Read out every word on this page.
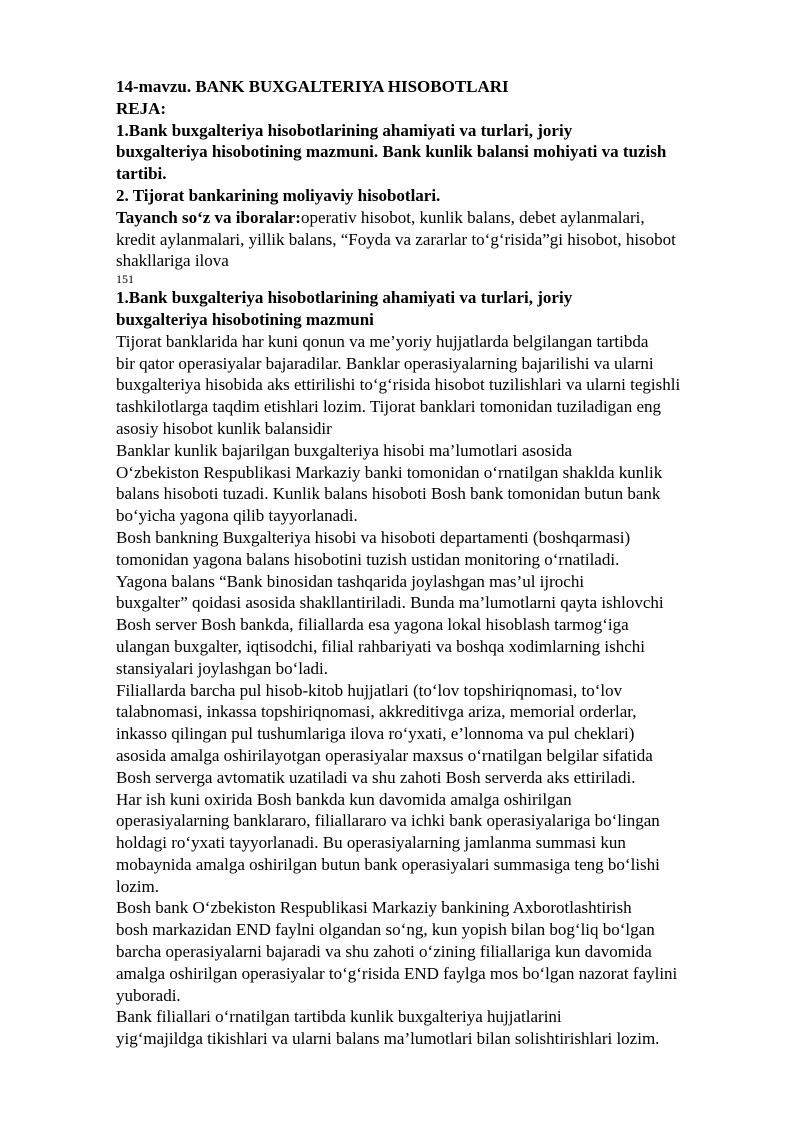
14-mavzu. BANK BUXGALTERIYA HISOBOTLARI
REJA:
1.Bank buxgalteriya hisobotlarining ahamiyati va turlari, joriy
buxgalteriya hisobotining mazmuni. Bank kunlik balansi mohiyati va tuzish
tartibi.
2. Tijorat bankarining moliyaviy hisobotlari.
Tayanch so‘z va iboralar:operativ hisobot, kunlik balans, debet aylanmalari,
kredit aylanmalari, yillik balans, “Foyda va zararlar to‘g‘risida”gi hisobot, hisobot
shakllariga ilova
151
1.Bank buxgalteriya hisobotlarining ahamiyati va turlari, joriy
buxgalteriya hisobotining mazmuni
Tijorat banklarida har kuni qonun va me’yoriy hujjatlarda belgilangan tartibda
bir qator operasiyalar bajaradilar. Banklar operasiyalarning bajarilishi va ularni
buxgalteriya hisobida aks ettirilishi to‘g‘risida hisobot tuzilishlari va ularni tegishli
tashkilotlarga taqdim etishlari lozim. Tijorat banklari tomonidan tuziladigan eng
asosiy hisobot kunlik balansidir
Banklar kunlik bajarilgan buxgalteriya hisobi ma’lumotlari asosida
O‘zbekiston Respublikasi Markaziy banki tomonidan o‘rnatilgan shaklda kunlik
balans hisoboti tuzadi. Kunlik balans hisoboti Bosh bank tomonidan butun bank
bo‘yicha yagona qilib tayyorlanadi.
Bosh bankning Buxgalteriya hisobi va hisoboti departamenti (boshqarmasi)
tomonidan yagona balans hisobotini tuzish ustidan monitoring o‘rnatiladi.
Yagona balans “Bank binosidan tashqarida joylashgan mas’ul ijrochi
buxgalter” qoidasi asosida shakllantiriladi. Bunda ma’lumotlarni qayta ishlovchi
Bosh server Bosh bankda, filiallarda esa yagona lokal hisoblash tarmog‘iga
ulangan buxgalter, iqtisodchi, filial rahbariyati va boshqa xodimlarning ishchi
stansiyalari joylashgan bo‘ladi.
Filiallarda barcha pul hisob-kitob hujjatlari (to‘lov topshiriqnomasi, to‘lov
talabnomasi, inkassa topshiriqnomasi, akkreditivga ariza, memorial orderlar,
inkasso qilingan pul tushumlariga ilova ro‘yxati, e’lonnoma va pul cheklari)
asosida amalga oshirilayotgan operasiyalar maxsus o‘rnatilgan belgilar sifatida
Bosh serverga avtomatik uzatiladi va shu zahoti Bosh serverda aks ettiriladi.
Har ish kuni oxirida Bosh bankda kun davomida amalga oshirilgan
operasiyalarning banklararo, filiallararo va ichki bank operasiyalariga bo‘lingan
holdagi ro‘yxati tayyorlanadi. Bu operasiyalarning jamlanma summasi kun
mobaynida amalga oshirilgan butun bank operasiyalari summasiga teng bo‘lishi
lozim.
Bosh bank O‘zbekiston Respublikasi Markaziy bankining Axborotlashtirish
bosh markazidan END faylni olgandan so‘ng, kun yopish bilan bog‘liq bo‘lgan
barcha operasiyalarni bajaradi va shu zahoti o‘zining filiallariga kun davomida
amalga oshirilgan operasiyalar to‘g‘risida END faylga mos bo‘lgan nazorat faylini
yuboradi.
Bank filiallari o‘rnatilgan tartibda kunlik buxgalteriya hujjatlarini
yig‘majildga tikishlari va ularni balans ma’lumotlari bilan solishtirishlari lozim.
